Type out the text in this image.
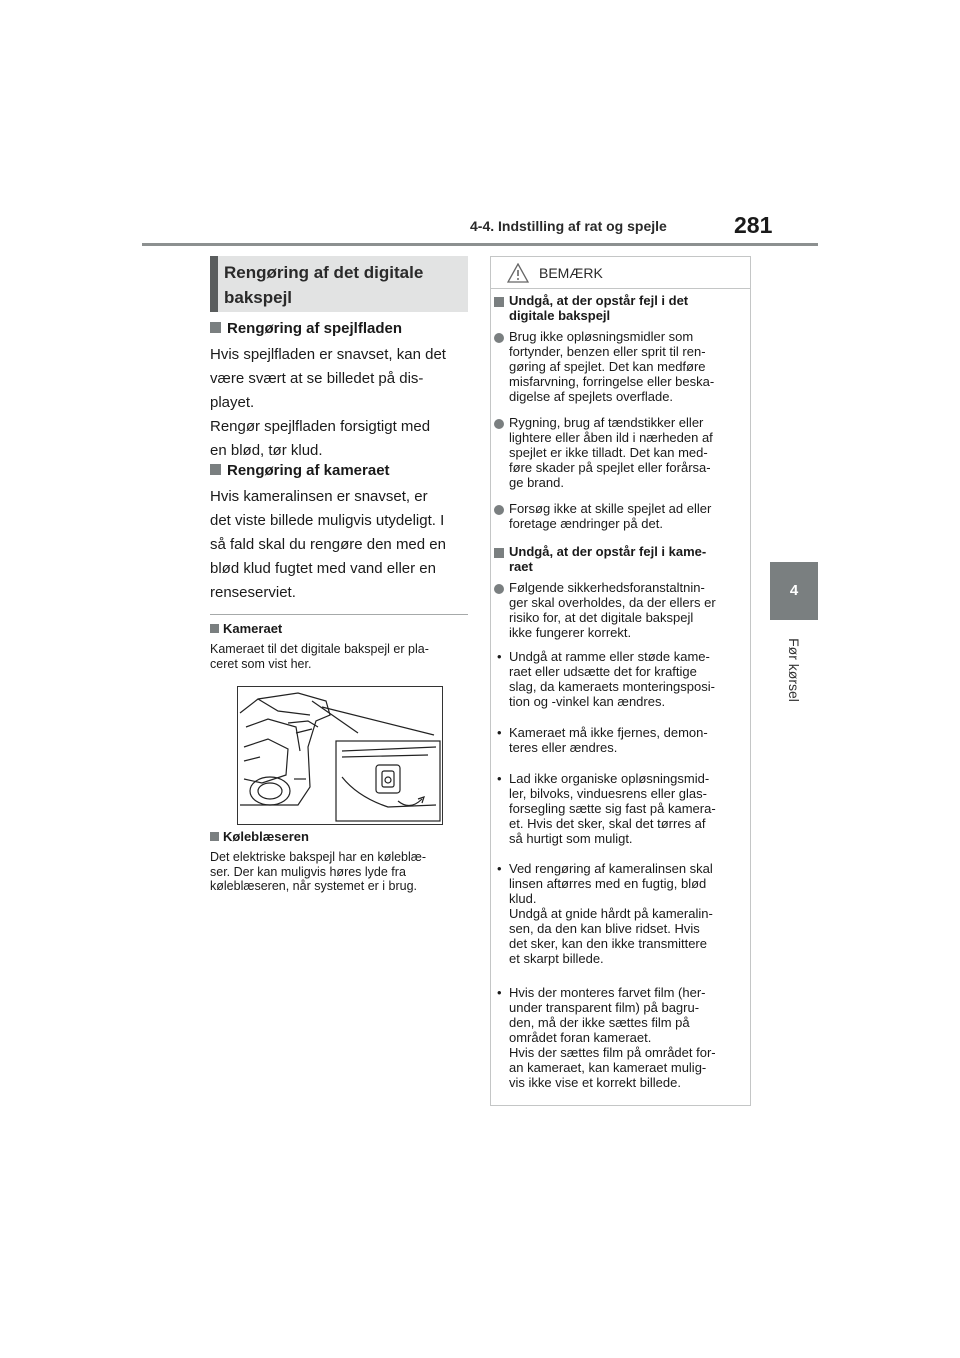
4-4. Indstilling af rat og spejle	281
4
Før kørsel
Rengøring af det digitale bakspejl
Rengøring af spejlfladen
Hvis spejlfladen er snavset, kan det
være svært at se billedet på dis-
playet.
Rengør spejlfladen forsigtigt med
en blød, tør klud.
Rengøring af kameraet
Hvis kameralinsen er snavset, er
det viste billede muligvis utydeligt. I
så fald skal du rengøre den med en
blød klud fugtet med vand eller en
renseserviet.
Kameraet
Kameraet til det digitale bakspejl er pla-
ceret som vist her.
Køleblæseren
Det elektriske bakspejl har en køleblæ-
ser. Der kan muligvis høres lyde fra
køleblæseren, når systemet er i brug.
BEMÆRK
Undgå, at der opstår fejl i det
digitale bakspejl
Brug ikke opløsningsmidler som
fortynder, benzen eller sprit til ren-
gøring af spejlet. Det kan medføre
misfarvning, forringelse eller beska-
digelse af spejlets overflade.
Rygning, brug af tændstikker eller
lightere eller åben ild i nærheden af
spejlet er ikke tilladt. Det kan med-
føre skader på spejlet eller forårsa-
ge brand.
Forsøg ikke at skille spejlet ad eller
foretage ændringer på det.
Undgå, at der opstår fejl i kame-
raet
Følgende sikkerhedsforanstaltnin-
ger skal overholdes, da der ellers er
risiko for, at det digitale bakspejl
ikke fungerer korrekt.
• Undgå at ramme eller støde kame-
raet eller udsætte det for kraftige
slag, da kameraets monteringsposi-
tion og -vinkel kan ændres.
• Kameraet må ikke fjernes, demon-
teres eller ændres.
• Lad ikke organiske opløsningsmid-
ler, bilvoks, vinduesrens eller glas-
forsegling sætte sig fast på kamera-
et. Hvis det sker, skal det tørres af
så hurtigt som muligt.
• Ved rengøring af kameralinsen skal
linsen aftørres med en fugtig, blød
klud.
Undgå at gnide hårdt på kameralin-
sen, da den kan blive ridset. Hvis
det sker, kan den ikke transmittere
et skarpt billede.
• Hvis der monteres farvet film (her-
under transparent film) på bagru-
den, må der ikke sættes film på
området foran kameraet.
Hvis der sættes film på området for-
an kameraet, kan kameraet mulig-
vis ikke vise et korrekt billede.
